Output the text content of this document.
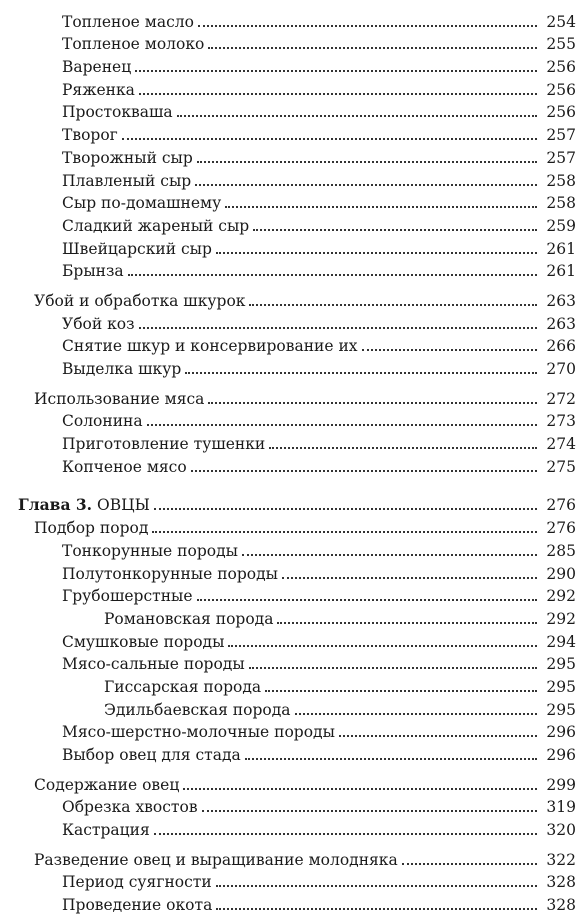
Топленое масло	254
Топленое молоко	255
Варенец	256
Ряженка	256
Простокваша	256
Творог	257
Творожный сыр	257
Плавленый сыр	258
Сыр по-домашнему	258
Сладкий жареный сыр	259
Швейцарский сыр	261
Брынза	261
Убой и обработка шкурок	263
Убой коз	263
Снятие шкур и консервирование их	266
Выделка шкур	270
Использование мяса	272
Солонина	273
Приготовление тушенки	274
Копченое мясо	275
Глава 3. ОВЦЫ	276
Подбор пород	276
Тонкорунные породы	285
Полутонкорунные породы	290
Грубошерстные	292
Романовская порода	292
Смушковые породы	294
Мясо-сальные породы	295
Гиссарская порода	295
Эдильбаевская порода	295
Мясо-шерстно-молочные породы	296
Выбор овец для стада	296
Содержание овец	299
Обрезка хвостов	319
Кастрация	320
Разведение овец и выращивание молодняка	322
Период суягности	328
Проведение окота	328
